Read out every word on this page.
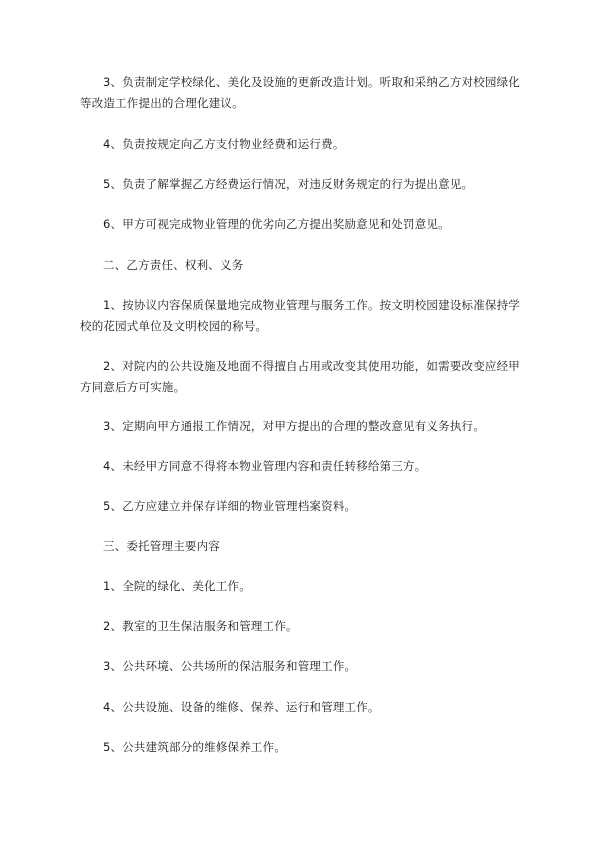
3、负责制定学校绿化、美化及设施的更新改造计划。听取和采纳乙方对校园绿化等改造工作提出的合理化建议。

4、负责按规定向乙方支付物业经费和运行费。

5、负责了解掌握乙方经费运行情况，对违反财务规定的行为提出意见。

6、甲方可视完成物业管理的优劣向乙方提出奖励意见和处罚意见。

二、乙方责任、权利、义务

1、按协议内容保质保量地完成物业管理与服务工作。按文明校园建设标准保持学校的花园式单位及文明校园的称号。

2、对院内的公共设施及地面不得擅自占用或改变其使用功能，如需要改变应经甲方同意后方可实施。

3、定期向甲方通报工作情况，对甲方提出的合理的整改意见有义务执行。

4、未经甲方同意不得将本物业管理内容和责任转移给第三方。

5、乙方应建立并保存详细的物业管理档案资料。

三、委托管理主要内容

1、全院的绿化、美化工作。

2、教室的卫生保洁服务和管理工作。

3、公共环境、公共场所的保洁服务和管理工作。

4、公共设施、设备的维修、保养、运行和管理工作。

5、公共建筑部分的维修保养工作。
